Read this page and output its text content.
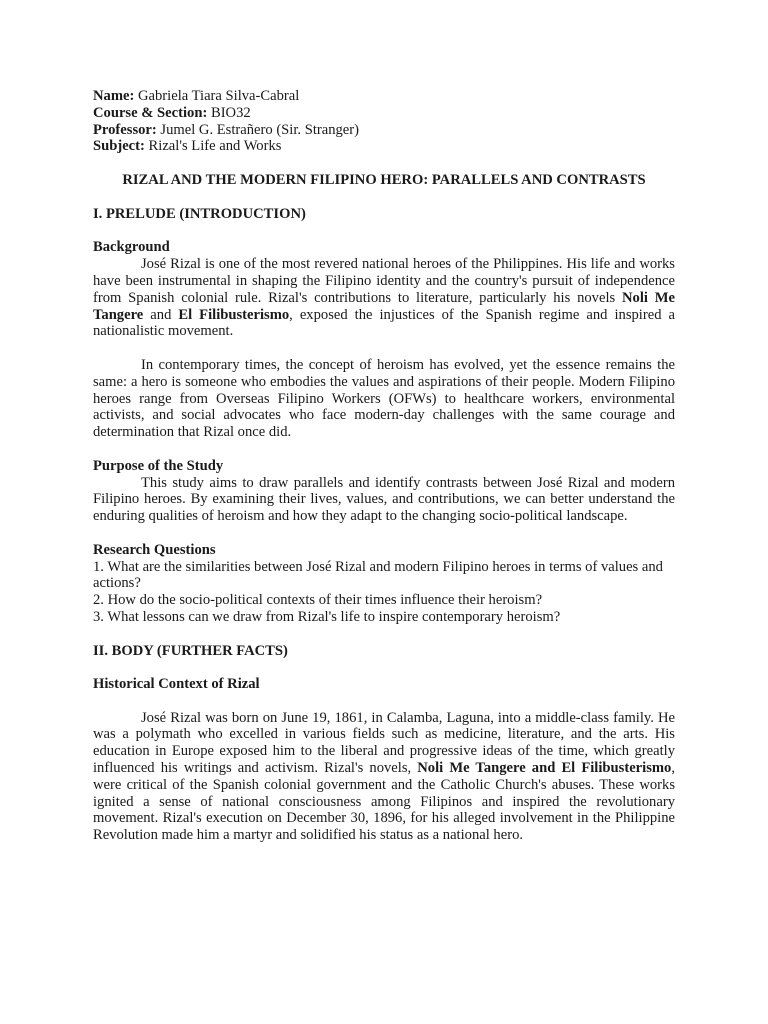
Name: Gabriela Tiara Silva-Cabral
Course & Section: BIO32
Professor: Jumel G. Estrañero (Sir. Stranger)
Subject: Rizal's Life and Works
RIZAL AND THE MODERN FILIPINO HERO: PARALLELS AND CONTRASTS
I. PRELUDE (INTRODUCTION)
Background

José Rizal is one of the most revered national heroes of the Philippines. His life and works have been instrumental in shaping the Filipino identity and the country's pursuit of independence from Spanish colonial rule. Rizal's contributions to literature, particularly his novels Noli Me Tangere and El Filibusterismo, exposed the injustices of the Spanish regime and inspired a nationalistic movement.

In contemporary times, the concept of heroism has evolved, yet the essence remains the same: a hero is someone who embodies the values and aspirations of their people. Modern Filipino heroes range from Overseas Filipino Workers (OFWs) to healthcare workers, environmental activists, and social advocates who face modern-day challenges with the same courage and determination that Rizal once did.

Purpose of the Study

This study aims to draw parallels and identify contrasts between José Rizal and modern Filipino heroes. By examining their lives, values, and contributions, we can better understand the enduring qualities of heroism and how they adapt to the changing socio-political landscape.

Research Questions

1. What are the similarities between José Rizal and modern Filipino heroes in terms of values and actions?

2. How do the socio-political contexts of their times influence their heroism?

3. What lessons can we draw from Rizal's life to inspire contemporary heroism?

II. BODY (FURTHER FACTS)
Historical Context of Rizal

José Rizal was born on June 19, 1861, in Calamba, Laguna, into a middle-class family. He was a polymath who excelled in various fields such as medicine, literature, and the arts. His education in Europe exposed him to the liberal and progressive ideas of the time, which greatly influenced his writings and activism. Rizal's novels, Noli Me Tangere and El Filibusterismo, were critical of the Spanish colonial government and the Catholic Church's abuses. These works ignited a sense of national consciousness among Filipinos and inspired the revolutionary movement. Rizal's execution on December 30, 1896, for his alleged involvement in the Philippine Revolution made him a martyr and solidified his status as a national hero.
